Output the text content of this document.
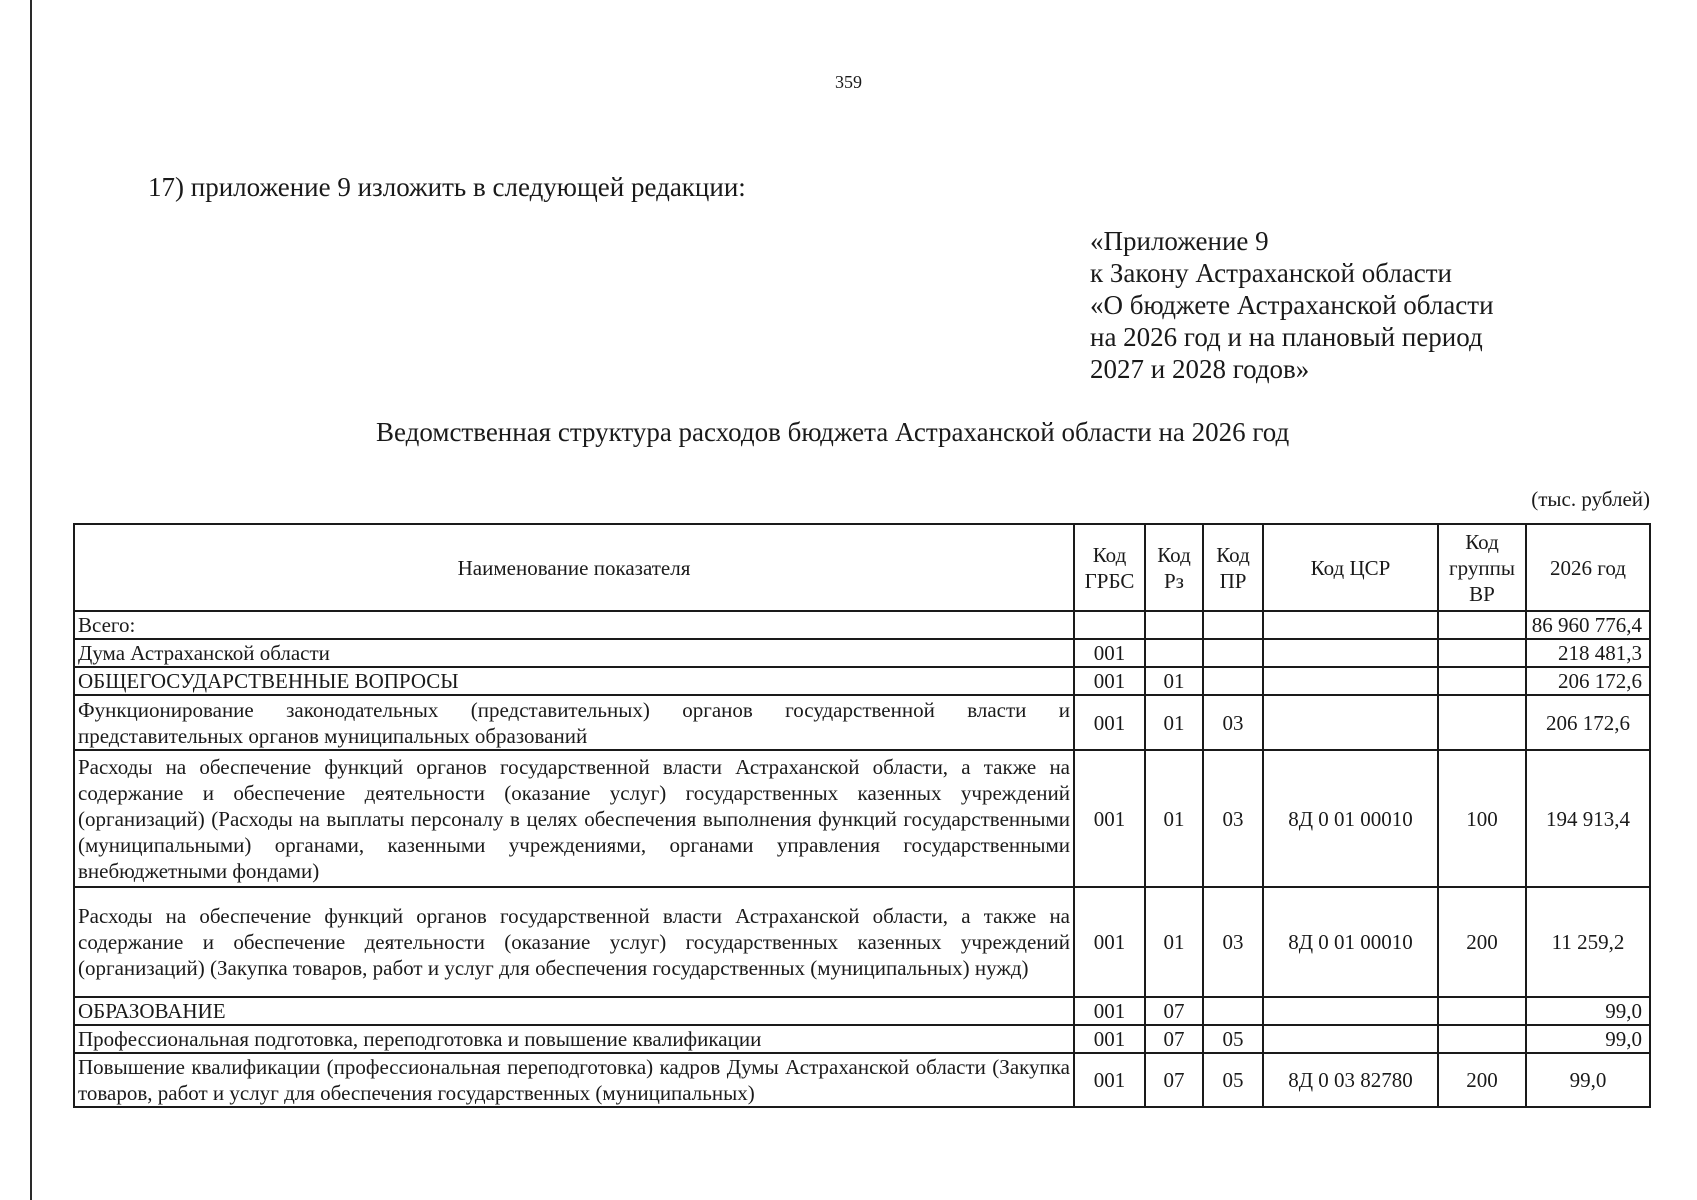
359
17) приложение 9 изложить в следующей редакции:
«Приложение 9
к Закону Астраханской области
«О бюджете Астраханской области
на 2026 год и на плановый период
2027 и 2028 годов»
Ведомственная структура расходов бюджета Астраханской области на 2026 год
(тыс. рублей)
Наименование показателя	Код ГРБС	Код Рз	Код ПР	Код ЦСР	Код группы ВР	2026 год
Всего:						86 960 776,4
Дума Астраханской области	001					218 481,3
ОБЩЕГОСУДАРСТВЕННЫЕ ВОПРОСЫ	001	01				206 172,6
Функционирование законодательных (представительных) органов государственной власти и представительных органов муниципальных образований	001	01	03			206 172,6
Расходы на обеспечение функций органов государственной власти Астраханской области, а также на содержание и обеспечение деятельности (оказание услуг) государственных казенных учреждений (организаций) (Расходы на выплаты персоналу в целях обеспечения выполнения функций государственными (муниципальными) органами, казенными учреждениями, органами управления государственными внебюджетными фондами)	001	01	03	8Д 0 01 00010	100	194 913,4
Расходы на обеспечение функций органов государственной власти Астраханской области, а также на содержание и обеспечение деятельности (оказание услуг) государственных казенных учреждений (организаций) (Закупка товаров, работ и услуг для обеспечения государственных (муниципальных) нужд)	001	01	03	8Д 0 01 00010	200	11 259,2
ОБРАЗОВАНИЕ	001	07				99,0
Профессиональная подготовка, переподготовка и повышение квалификации	001	07	05			99,0

Повышение квалификации (профессиональная переподготовка) кадров Думы Астраханской области (Закупка товаров, работ и услуг для обеспечения государственных (муниципальных)	001	07	05	8Д 0 03 82780	200	99,0
